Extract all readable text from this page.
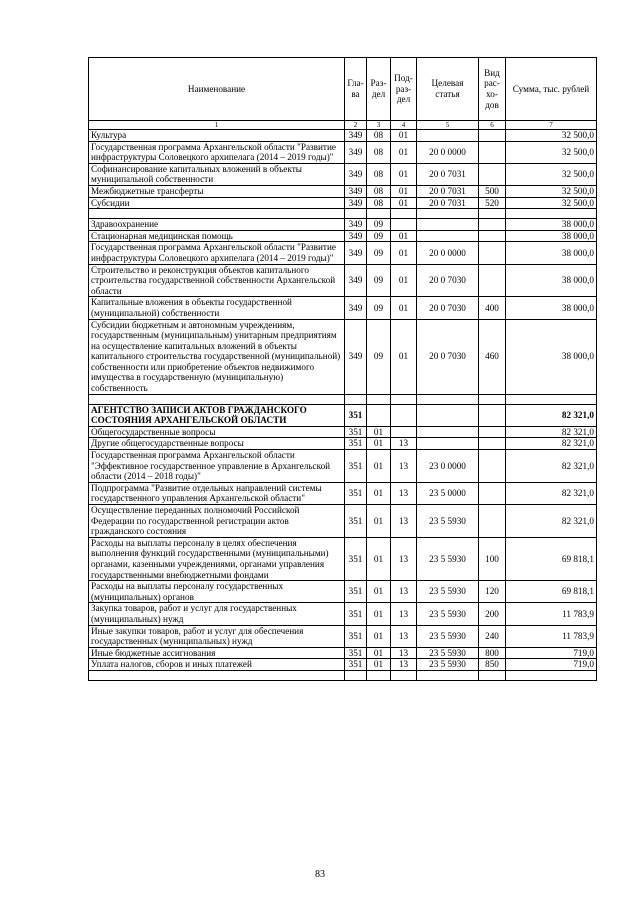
Наименование	Гла-ва	Раз-дел	Под-раз-дел	Целевая статья	Вид рас-хо-дов	Сумма, тыс. рублей
1	2	3	4	5	6	7
Культура	349	08	01			32 500,0
Государственная программа Архангельской области "Развитие инфраструктуры Соловецкого архипелага (2014 – 2019 годы)"	349	08	01	20 0 0000		32 500,0
Софинансирование капитальных вложений в объекты муниципальной собственности	349	08	01	20 0 7031		32 500,0
Межбюджетные трансферты	349	08	01	20 0 7031	500	32 500,0
Субсидии	349	08	01	20 0 7031	520	32 500,0

Здравоохранение	349	09				38 000,0
Стационарная медицинская помощь	349	09	01			38 000,0
Государственная программа Архангельской области "Развитие инфраструктуры Соловецкого архипелага (2014 – 2019 годы)"	349	09	01	20 0 0000		38 000,0
Строительство и реконструкция объектов капитального строительства государственной собственности Архангельской области	349	09	01	20 0 7030		38 000,0
Капитальные вложения в объекты государственной (муниципальной) собственности	349	09	01	20 0 7030	400	38 000,0
Субсидии бюджетным и автономным учреждениям, государственным (муниципальным) унитарным предприятиям на осуществление капитальных вложений в объекты капитального строительства государственной (муниципальной) собственности или приобретение объектов недвижимого имущества в государственную (муниципальную) собственность	349	09	01	20 0 7030	460	38 000,0

АГЕНТСТВО ЗАПИСИ АКТОВ ГРАЖДАНСКОГО СОСТОЯНИЯ АРХАНГЕЛЬСКОЙ ОБЛАСТИ	351					82 321,0
Общегосударственные вопросы	351	01				82 321,0
Другие общегосударственные вопросы	351	01	13			82 321,0
Государственная программа Архангельской области "Эффективное государственное управление в Архангельской области (2014 – 2018 годы)"	351	01	13	23 0 0000		82 321,0
Подпрограмма "Развитие отдельных направлений системы государственного управления Архангельской области"	351	01	13	23 5 0000		82 321,0
Осуществление переданных полномочий Российской Федерации по государственной регистрации актов гражданского состояния	351	01	13	23 5 5930		82 321,0
Расходы на выплаты персоналу в целях обеспечения выполнения функций государственными (муниципальными) органами, казенными учреждениями, органами управления государственными внебюджетными фондами	351	01	13	23 5 5930	100	69 818,1
Расходы на выплаты персоналу государственных (муниципальных) органов	351	01	13	23 5 5930	120	69 818,1
Закупка товаров, работ и услуг для государственных (муниципальных) нужд	351	01	13	23 5 5930	200	11 783,9
Иные закупки товаров, работ и услуг для обеспечения государственных (муниципальных) нужд	351	01	13	23 5 5930	240	11 783,9
Иные бюджетные ассигнования	351	01	13	23 5 5930	800	719,0
Уплата налогов, сборов и иных платежей	351	01	13	23 5 5930	850	719,0

83
